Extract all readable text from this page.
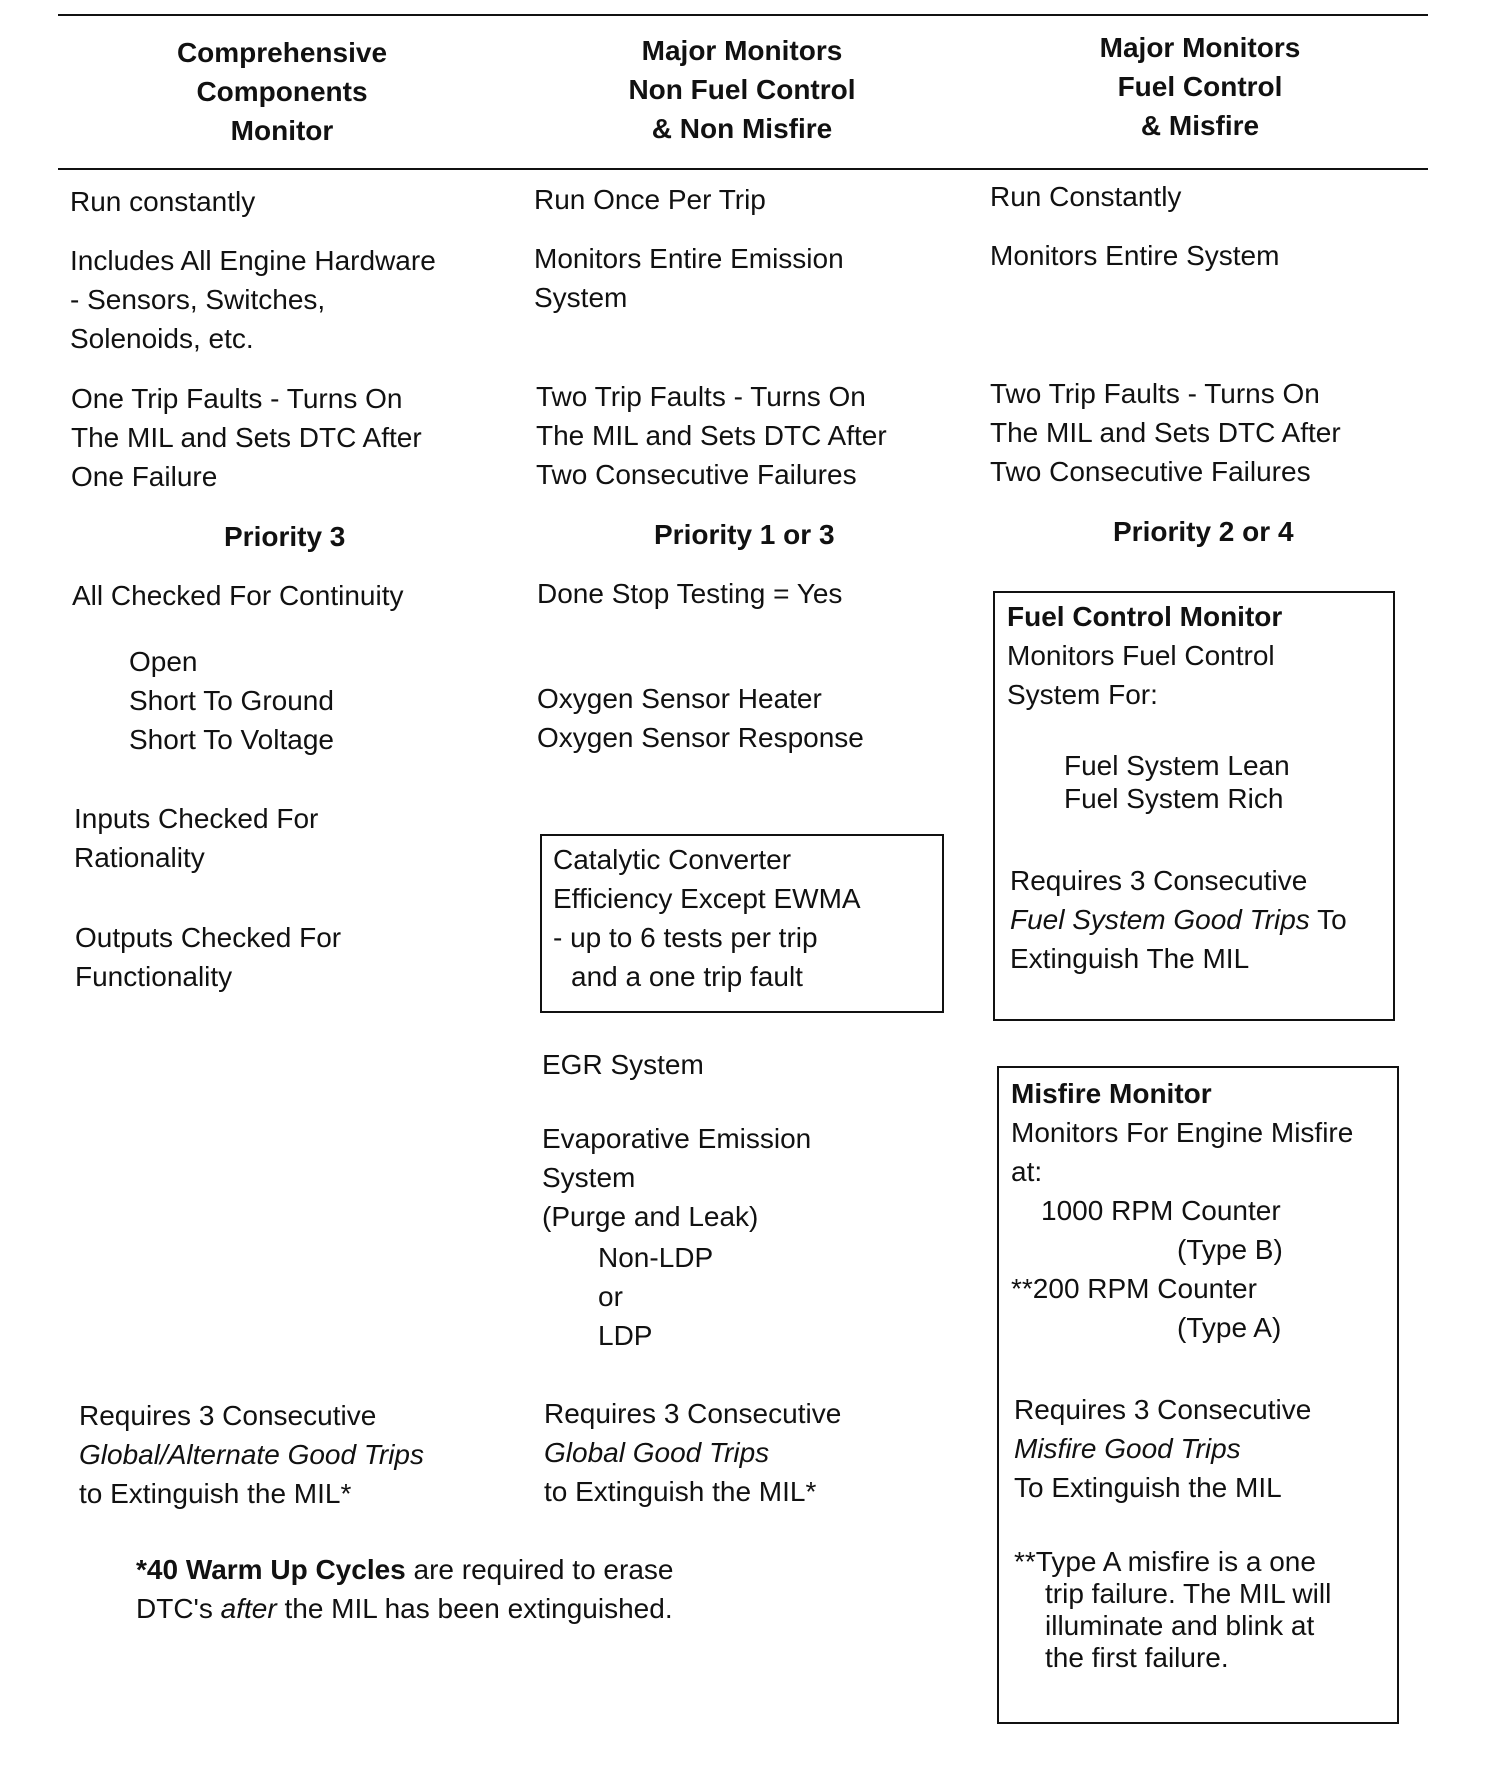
Comprehensive
Components
Monitor
Major Monitors
Non Fuel Control
& Non Misfire
Major Monitors
Fuel Control
& Misfire
Run constantly
Includes All Engine Hardware
- Sensors, Switches,
Solenoids, etc.
One Trip Faults - Turns On
The MIL and Sets DTC After
One Failure
Priority 3
All Checked For Continuity
Open
Short To Ground
Short To Voltage
Inputs Checked For
Rationality
Outputs Checked For
Functionality
Requires 3 Consecutive
Global/Alternate Good Trips
to Extinguish the MIL*
Run Once Per Trip
Monitors Entire Emission
System
Two Trip Faults - Turns On
The MIL and Sets DTC After
Two Consecutive Failures
Priority 1 or 3
Done Stop Testing = Yes
Oxygen Sensor Heater
Oxygen Sensor Response
Catalytic Converter
Efficiency Except EWMA
- up to 6 tests per trip
and a one trip fault
EGR System
Evaporative Emission
System
(Purge and Leak)
Non-LDP
or
LDP
Requires 3 Consecutive
Global Good Trips
to Extinguish the MIL*
Run Constantly
Monitors Entire System
Two Trip Faults - Turns On
The MIL and Sets DTC After
Two Consecutive Failures
Priority 2 or 4
Fuel Control Monitor
Monitors Fuel Control
System For:
Fuel System Lean
Fuel System Rich
Requires 3 Consecutive
Fuel System Good Trips To
Extinguish The MIL
Misfire Monitor
Monitors For Engine Misfire
at:
1000 RPM Counter
(Type B)
**200 RPM Counter
(Type A)
Requires 3 Consecutive
Misfire Good Trips
To Extinguish the MIL
**Type A misfire is a one
trip failure. The MIL will
illuminate and blink at
the first failure.
*40 Warm Up Cycles are required to erase
DTC's after the MIL has been extinguished.
